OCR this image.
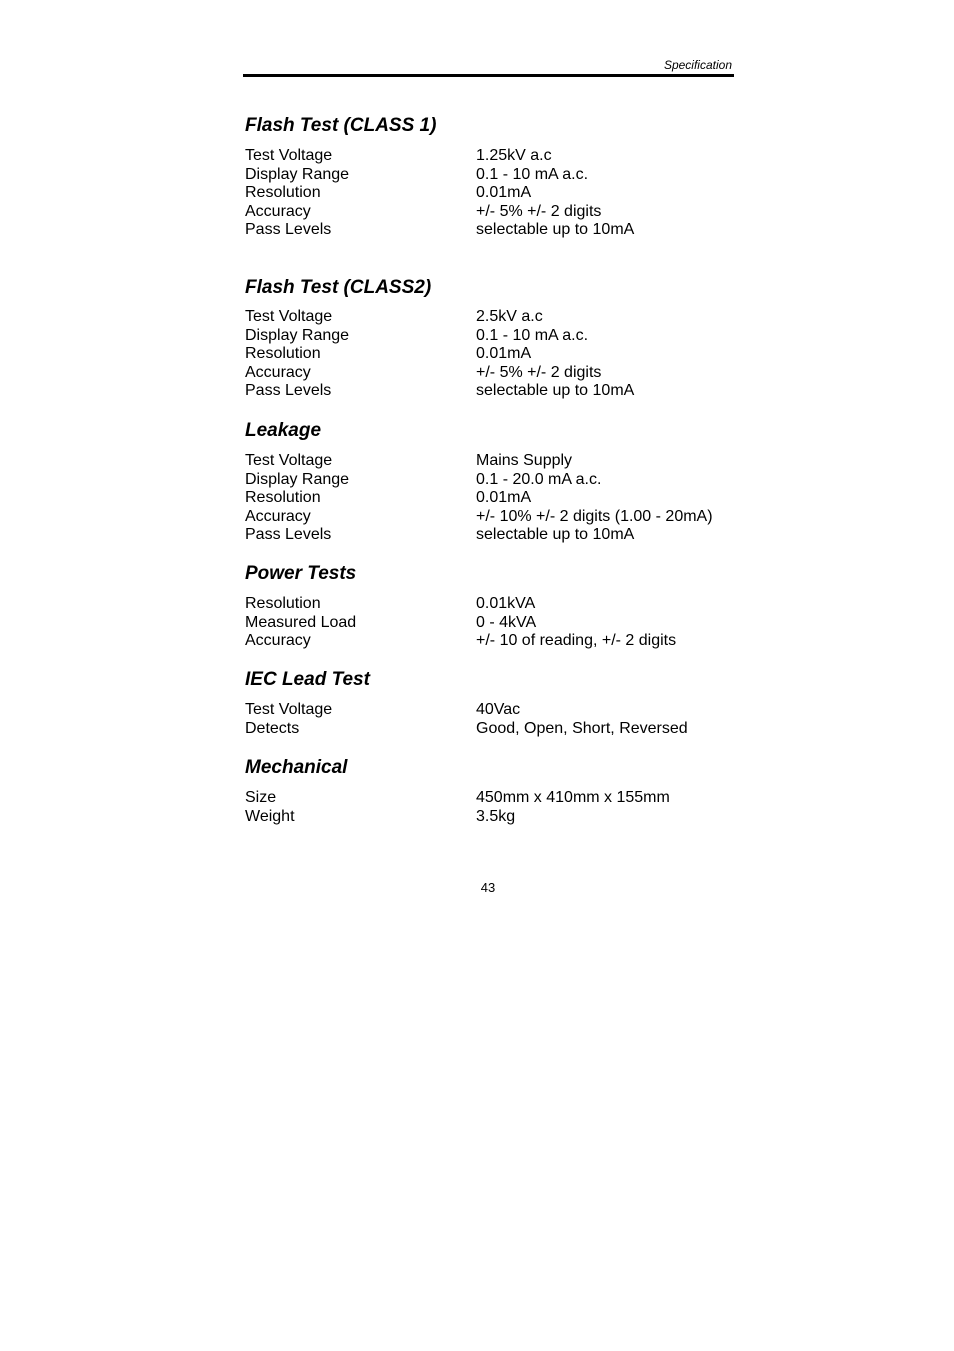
Specification
Flash Test (CLASS 1)
Test Voltage	1.25kV a.c
Display Range	0.1 - 10 mA a.c.
Resolution	0.01mA
Accuracy	+/- 5% +/- 2 digits
Pass Levels	selectable up to 10mA
Flash Test (CLASS2)
Test Voltage	2.5kV a.c
Display Range	0.1 - 10 mA a.c.
Resolution	0.01mA
Accuracy	+/- 5% +/- 2 digits
Pass Levels	selectable up to 10mA
Leakage
Test Voltage	Mains Supply
Display Range	0.1 - 20.0 mA a.c.
Resolution	0.01mA
Accuracy	+/- 10% +/- 2 digits (1.00 - 20mA)
Pass Levels	selectable up to 10mA
Power Tests
Resolution	0.01kVA
Measured Load	0 - 4kVA
Accuracy	+/- 10 of reading, +/- 2 digits
IEC Lead Test
Test Voltage	40Vac
Detects	Good, Open, Short, Reversed
Mechanical
Size	450mm x 410mm x 155mm
Weight	3.5kg
43
